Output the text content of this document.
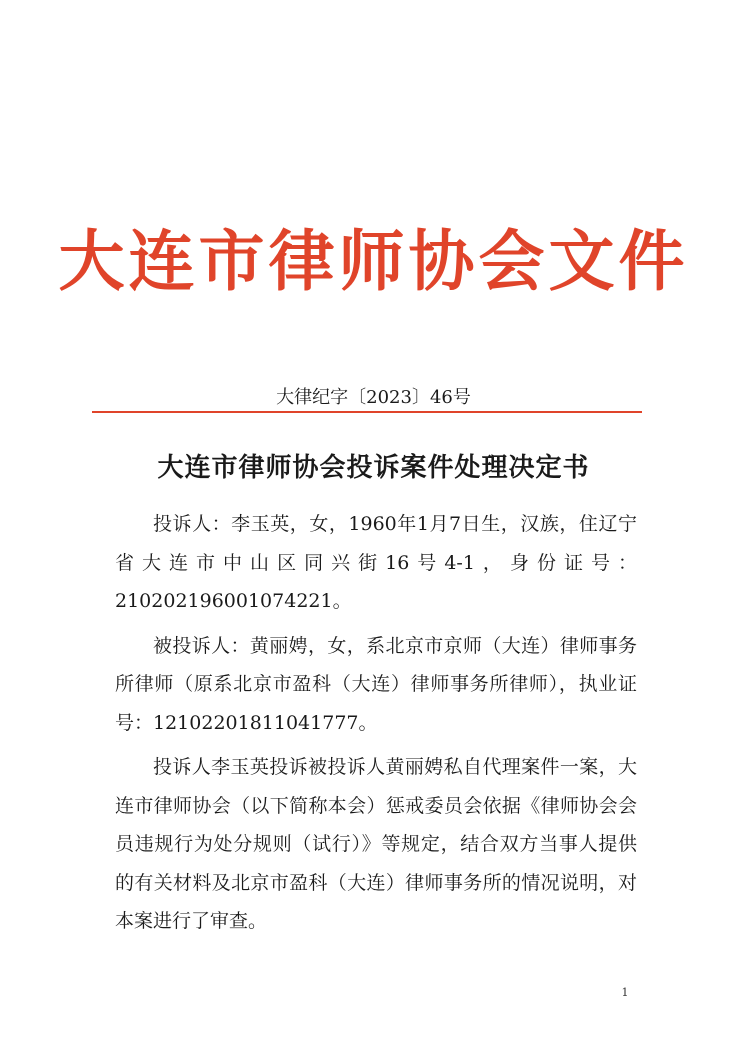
大连市律师协会文件
大律纪字〔2023〕46号
大连市律师协会投诉案件处理决定书

投诉人：李玉英，女，1960年1月7日生，汉族，住辽宁省大连市中山区同兴街16号4-1，身份证号：210202196001074221。

被投诉人：黄丽娉，女，系北京市京师（大连）律师事务所律师（原系北京市盈科（大连）律师事务所律师），执业证号：12102201811041777。

投诉人李玉英投诉被投诉人黄丽娉私自代理案件一案，大连市律师协会（以下简称本会）惩戒委员会依据《律师协会会员违规行为处分规则（试行）》等规定，结合双方当事人提供的有关材料及北京市盈科（大连）律师事务所的情况说明，对本案进行了审查。

1
